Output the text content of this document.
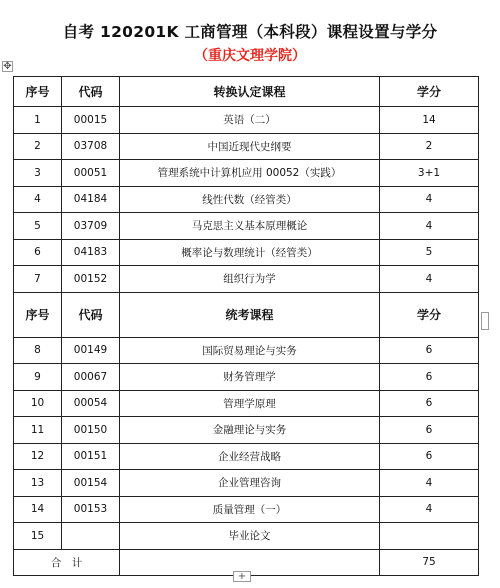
自考 120201K 工商管理（本科段）课程设置与学分
（重庆文理学院）
✥
序号	代码	转换认定课程	学分
1	00015	英语（二）	14
2	03708	中国近现代史纲要	2
3	00051	管理系统中计算机应用 00052（实践）	3+1
4	04184	线性代数（经管类）	4
5	03709	马克思主义基本原理概论	4
6	04183	概率论与数理统计（经管类）	5
7	00152	组织行为学	4
序号	代码	统考课程	学分
8	00149	国际贸易理论与实务	6
9	00067	财务管理学	6
10	00054	管理学原理	6
11	00150	金融理论与实务	6
12	00151	企业经营战略	6
13	00154	企业管理咨询	4
14	00153	质量管理（一）	4
15		毕业论文	
合　计			75
+
